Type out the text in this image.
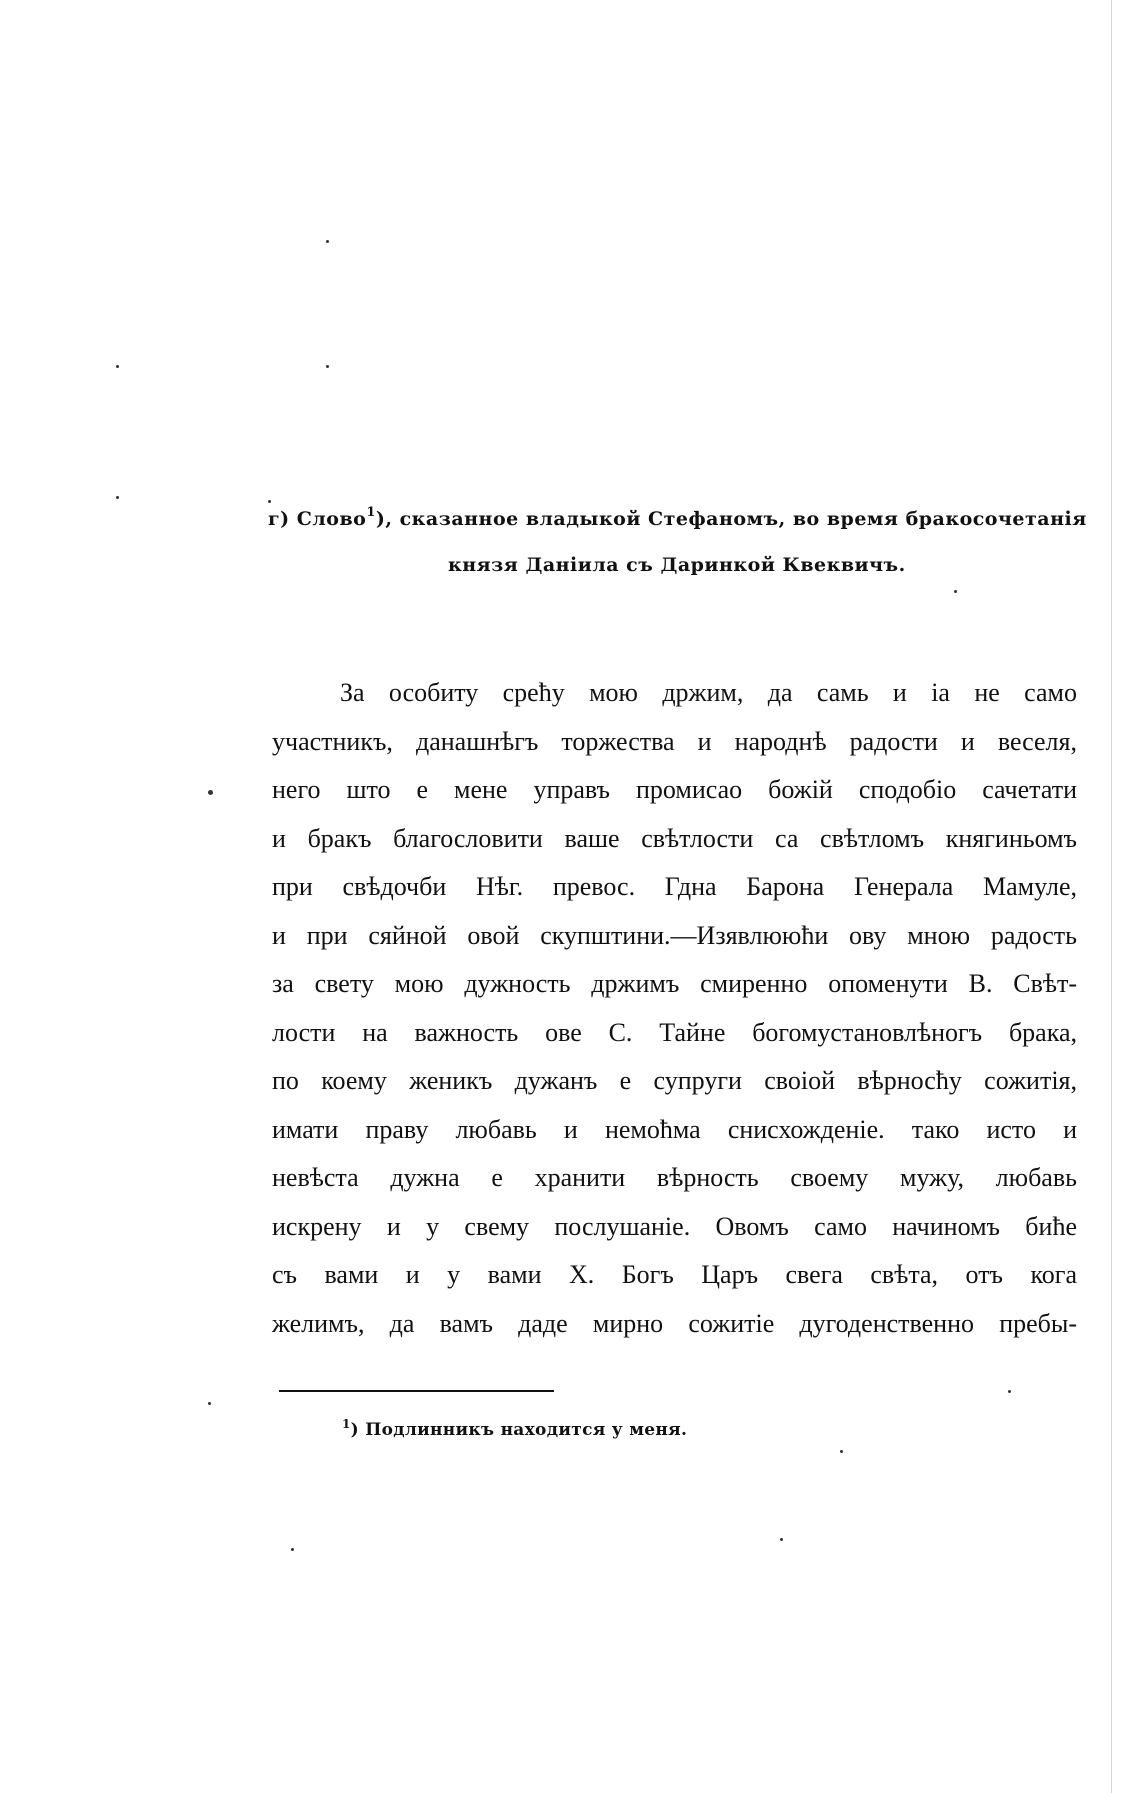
г) Слово$^1$), сказанное владыкой Стефаномъ, во время бракосочетанія
князя Данiила съ Даринкой Квеквичъ.
За особиту среħу мою држим, да самь и iа не само
участникъ, данашнѣгъ торжества и народнѣ радости и веселя,
него што е мене управъ промисао божiй сподобiо сачетати
и бракъ благословити ваше свѣтлости са свѣтломъ княгиньомъ
при свѣдочби Нѣг. превос. Гдна Барона Генерала Мамуле,
и при сяйной овой скупштини.—Изявлююħи ову мною радость
за свету мою дужность држимъ смиренно опоменути В. Свѣт-
лости на важность ове С. Тайне богомустановлѣногъ брака,
по коему женикъ дужанъ е супруги своiой вѣрносħу сожитiя,
имати праву любавь и немоħма снисхожденiе. тако исто и
невѣста дужна е хранити вѣрность своему мужу, любавь
искрену и у свему послушанiе. Овомъ само начиномъ биħе
съ вами и у вами Х. Богъ Царъ свега свѣта, отъ кога
желимъ, да вамъ даде мирно сожитiе дугоденственно пребы-
$^1$) Подлинникъ находится у меня.
